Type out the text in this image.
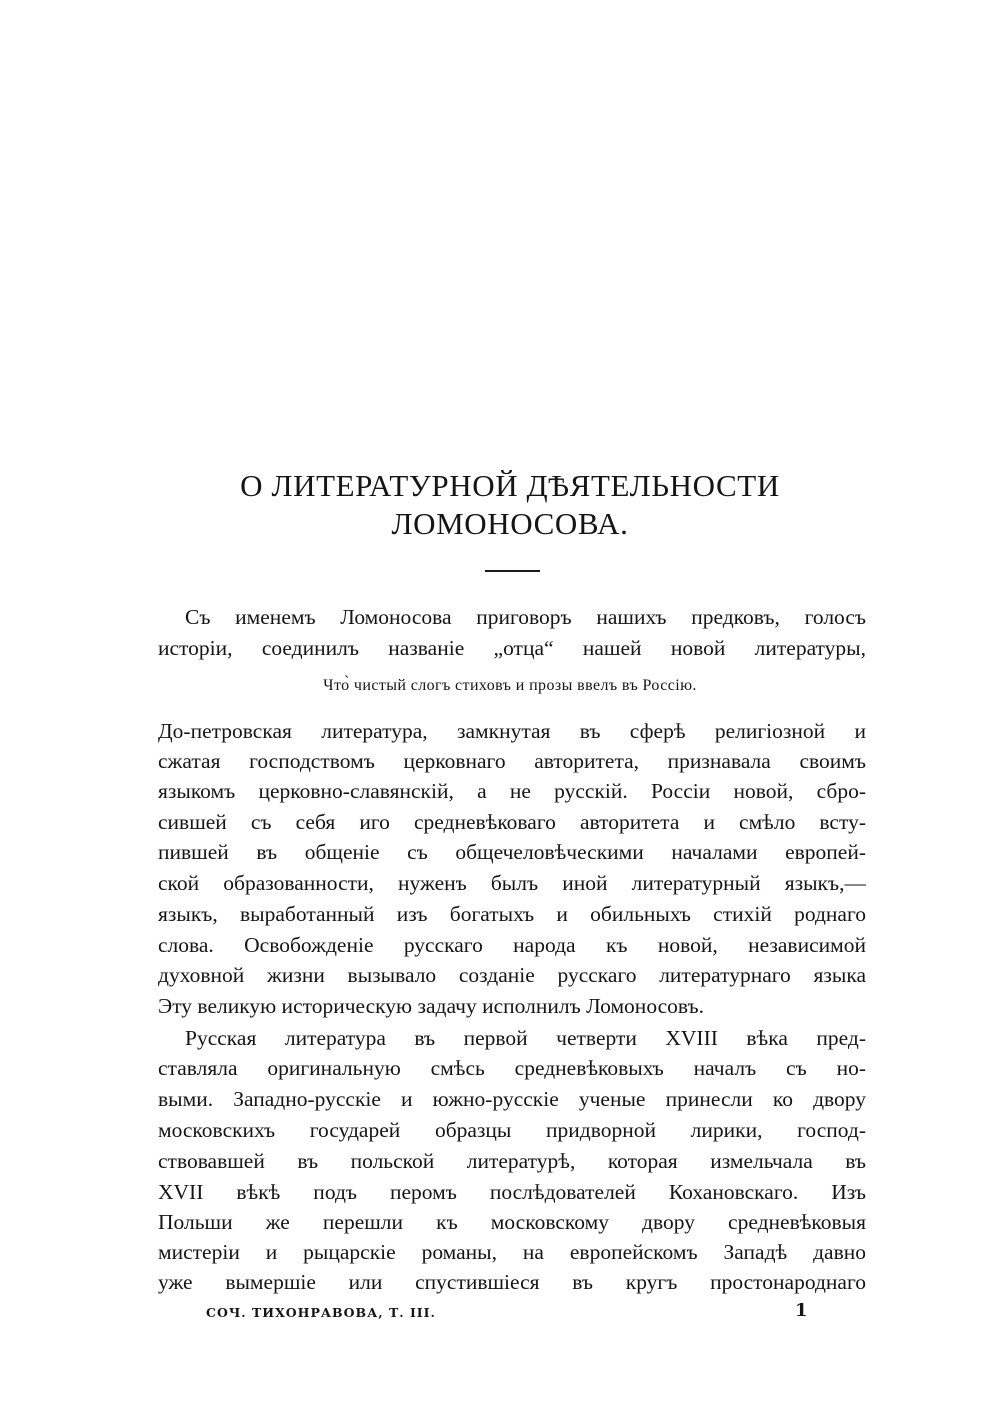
О ЛИТЕРАТУРНОЙ ДѢЯТЕЛЬНОСТИ
ЛОМОНОСОВА.
Съ именемъ Ломоносова приговоръ нашихъ предковъ, голосъ
исторіи, соединилъ названіе „отца“ нашей новой литературы,
Что̀ чистый слогъ стиховъ и прозы ввелъ въ Россію.
До-петровская литература, замкнутая въ сферѣ религіозной и
сжатая господствомъ церковнаго авторитета, признавала своимъ
языкомъ церковно-славянскій, а не русскій. Россіи новой, сбро-
сившей съ себя иго средневѣковаго авторитета и смѣло всту-
пившей въ общеніе съ общечеловѣческими началами европей-
ской образованности, нуженъ былъ иной литературный языкъ,—
языкъ, выработанный изъ богатыхъ и обильныхъ стихій роднаго
слова. Освобожденіе русскаго народа къ новой, независимой
духовной жизни вызывало созданіе русскаго литературнаго языка
Эту великую историческую задачу исполнилъ Ломоносовъ.
Русская литература въ первой четверти XVIII вѣка пред-
ставляла оригинальную смѣсь средневѣковыхъ началъ съ но-
выми. Западно-русскіе и южно-русскіе ученые принесли ко двору
московскихъ государей образцы придворной лирики, господ-
ствовавшей въ польской литературѣ, которая измельчала въ
XVII вѣкѣ подъ перомъ послѣдователей Кохановскаго. Изъ
Польши же перешли къ московскому двору средневѣковыя
мистеріи и рыцарскіе романы, на европейскомъ Западѣ давно
уже вымершіе или спустившіеся въ кругъ простонароднаго
СОЧ. ТИХОНРАВОВА, Т. III.	1
